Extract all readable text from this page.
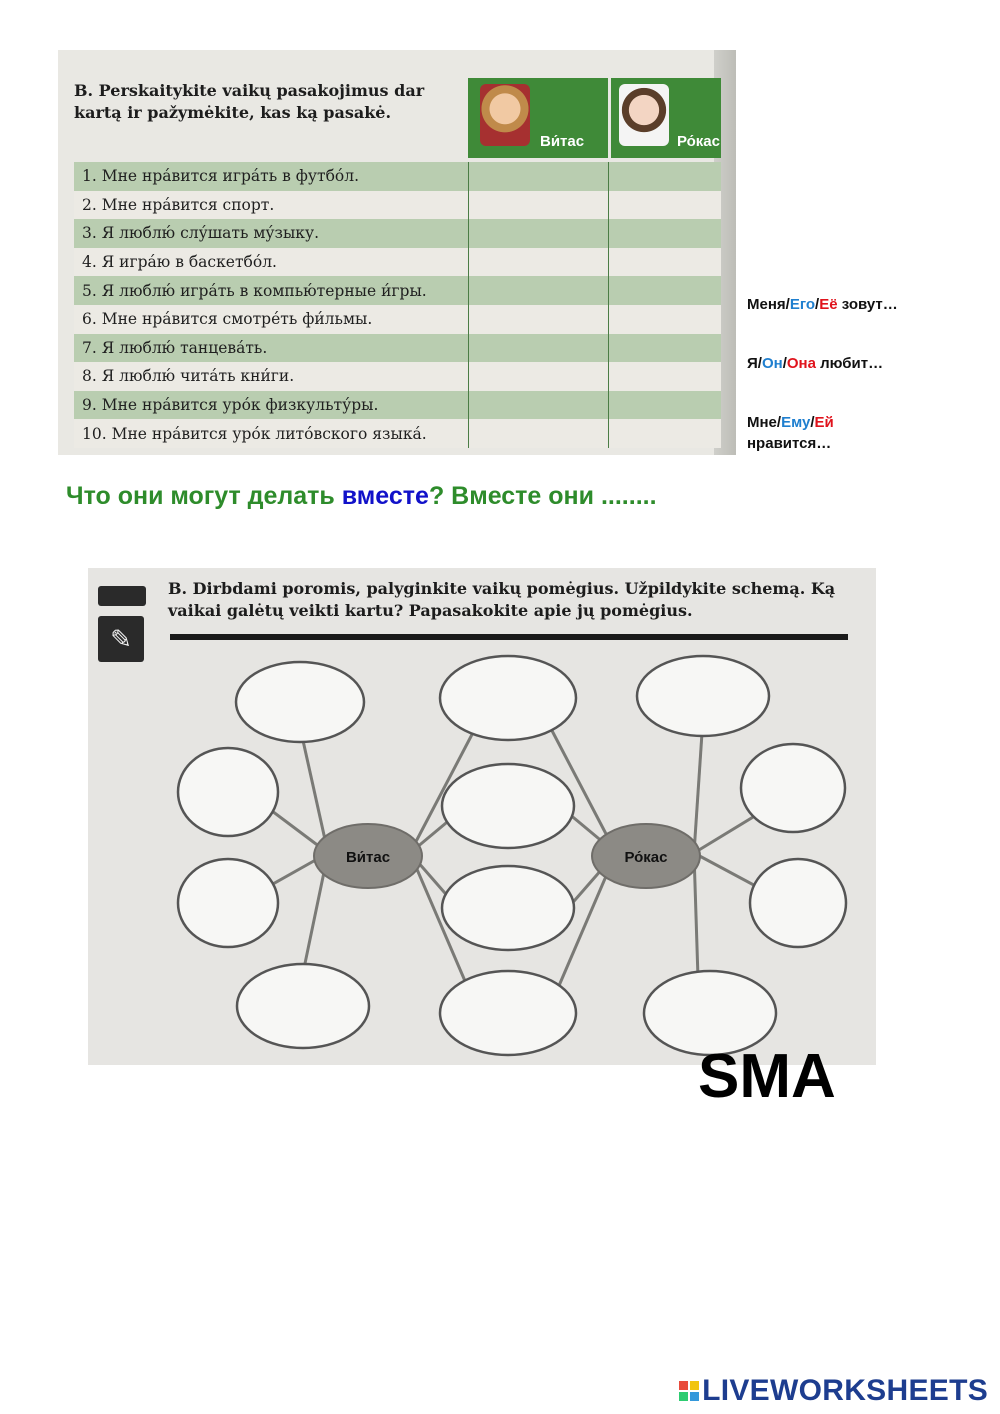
B. Perskaitykite vaikų pasakojimus dar kartą ir pažymėkite, kas ką pasakė.
Ви́тас	Ро́кас
1. Мне нра́вится игра́ть в футбо́л.
2. Мне нра́вится спорт.
3. Я люблю́ слу́шать му́зыку.
4. Я игра́ю в баскетбо́л.
5. Я люблю́ игра́ть в компью́терные и́гры.
6. Мне нра́вится смотре́ть фи́льмы.
7. Я люблю́ танцева́ть.
8. Я люблю́ чита́ть кни́ги.
9. Мне нра́вится уро́к физкульту́ры.
10. Мне нра́вится уро́к лито́вского языка́.
Меня/Его/Её зовут…
Я/Он/Она любит…
Мне/Ему/Ей нравится…
Что они могут делать вместе? Вместе они ........
✎
B. Dirbdami poromis, palyginkite vaikų pomėgius. Užpildykite schemą. Ką vaikai galėtų veikti kartu? Papasakokite apie jų pomėgius.
Ви́тас	Ро́кас
SMA
LIVEWORKSHEETS
